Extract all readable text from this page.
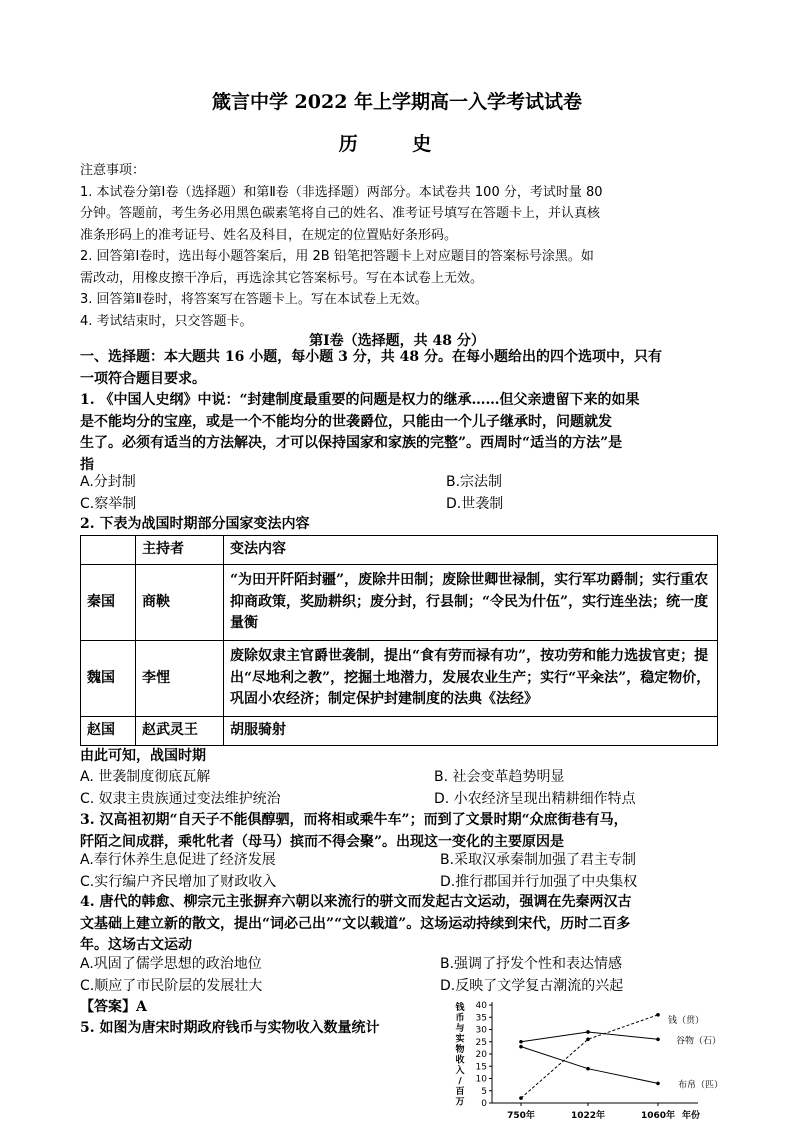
箴言中学 2022 年上学期高一入学考试试卷
历 史

注意事项：

1. 本试卷分第Ⅰ卷（选择题）和第Ⅱ卷（非选择题）两部分。本试卷共 100 分，考试时量 80

分钟。答题前，考生务必用黑色碳素笔将自己的姓名、准考证号填写在答题卡上，并认真核

准条形码上的准考证号、姓名及科目，在规定的位置贴好条形码。

2. 回答第Ⅰ卷时，选出每小题答案后，用 2B 铅笔把答题卡上对应题目的答案标号涂黑。如

需改动，用橡皮擦干净后，再选涂其它答案标号。写在本试卷上无效。

3. 回答第Ⅱ卷时，将答案写在答题卡上。写在本试卷上无效。

4. 考试结束时，只交答题卡。

第Ⅰ卷（选择题，共 48 分）

一、选择题：本大题共 16 小题，每小题 3 分，共 48 分。在每小题给出的四个选项中，只有

一项符合题目要求。

1. 《中国人史纲》中说：“封建制度最重要的问题是权力的继承……但父亲遗留下来的如果

是不能均分的宝座，或是一个不能均分的世袭爵位，只能由一个儿子继承时，问题就发

生了。必须有适当的方法解决，才可以保持国家和家族的完整”。西周时“适当的方法”是

指

A.分封制	B.宗法制
C.察举制	D.世袭制
2. 下表为战国时期部分国家变法内容
	主持者	变法内容
秦国	商鞅	“为田开阡陌封疆”，废除井田制；废除世卿世禄制，实行军功爵制；实行重农抑商政策，奖励耕织；废分封，行县制；“令民为什伍”，实行连坐法；统一度量衡
魏国	李悝	废除奴隶主官爵世袭制，提出“食有劳而禄有功”，按功劳和能力选拔官吏；提出“尽地利之教”，挖掘土地潜力，发展农业生产；实行“平籴法”，稳定物价，巩固小农经济；制定保护封建制度的法典《法经》
赵国	赵武灵王	胡服骑射
由此可知，战国时期
A. 世袭制度彻底瓦解	B. 社会变革趋势明显
C. 奴隶主贵族通过变法维护统治	D. 小农经济呈现出精耕细作特点

3. 汉高祖初期“自天子不能俱醇驷，而将相或乘牛车”；而到了文景时期“众庶街巷有马，

阡陌之间成群，乘牝牝者（母马）摈而不得会聚”。出现这一变化的主要原因是

A.奉行休养生息促进了经济发展	B.采取汉承秦制加强了君主专制
C.实行编户齐民增加了财政收入	D.推行郡国并行加强了中央集权

4. 唐代的韩愈、柳宗元主张摒弃六朝以来流行的骈文而发起古文运动，强调在先秦两汉古

文基础上建立新的散文，提出“词必己出”“文以载道”。这场运动持续到宋代，历时二百多

年。这场古文运动

A.巩固了儒学思想的政治地位	B.强调了抒发个性和表达情感
C.顺应了市民阶层的发展壮大	D.反映了文学复古潮流的兴起
【答案】A
5. 如图为唐宋时期政府钱币与实物收入数量统计
钱
币
与
实
物
收
入
/
百
万 0
5
10
15
20
25
30
35
40
750年	1022年	1060年 年份
钱（贯）
谷物（石）
布帛（匹）
